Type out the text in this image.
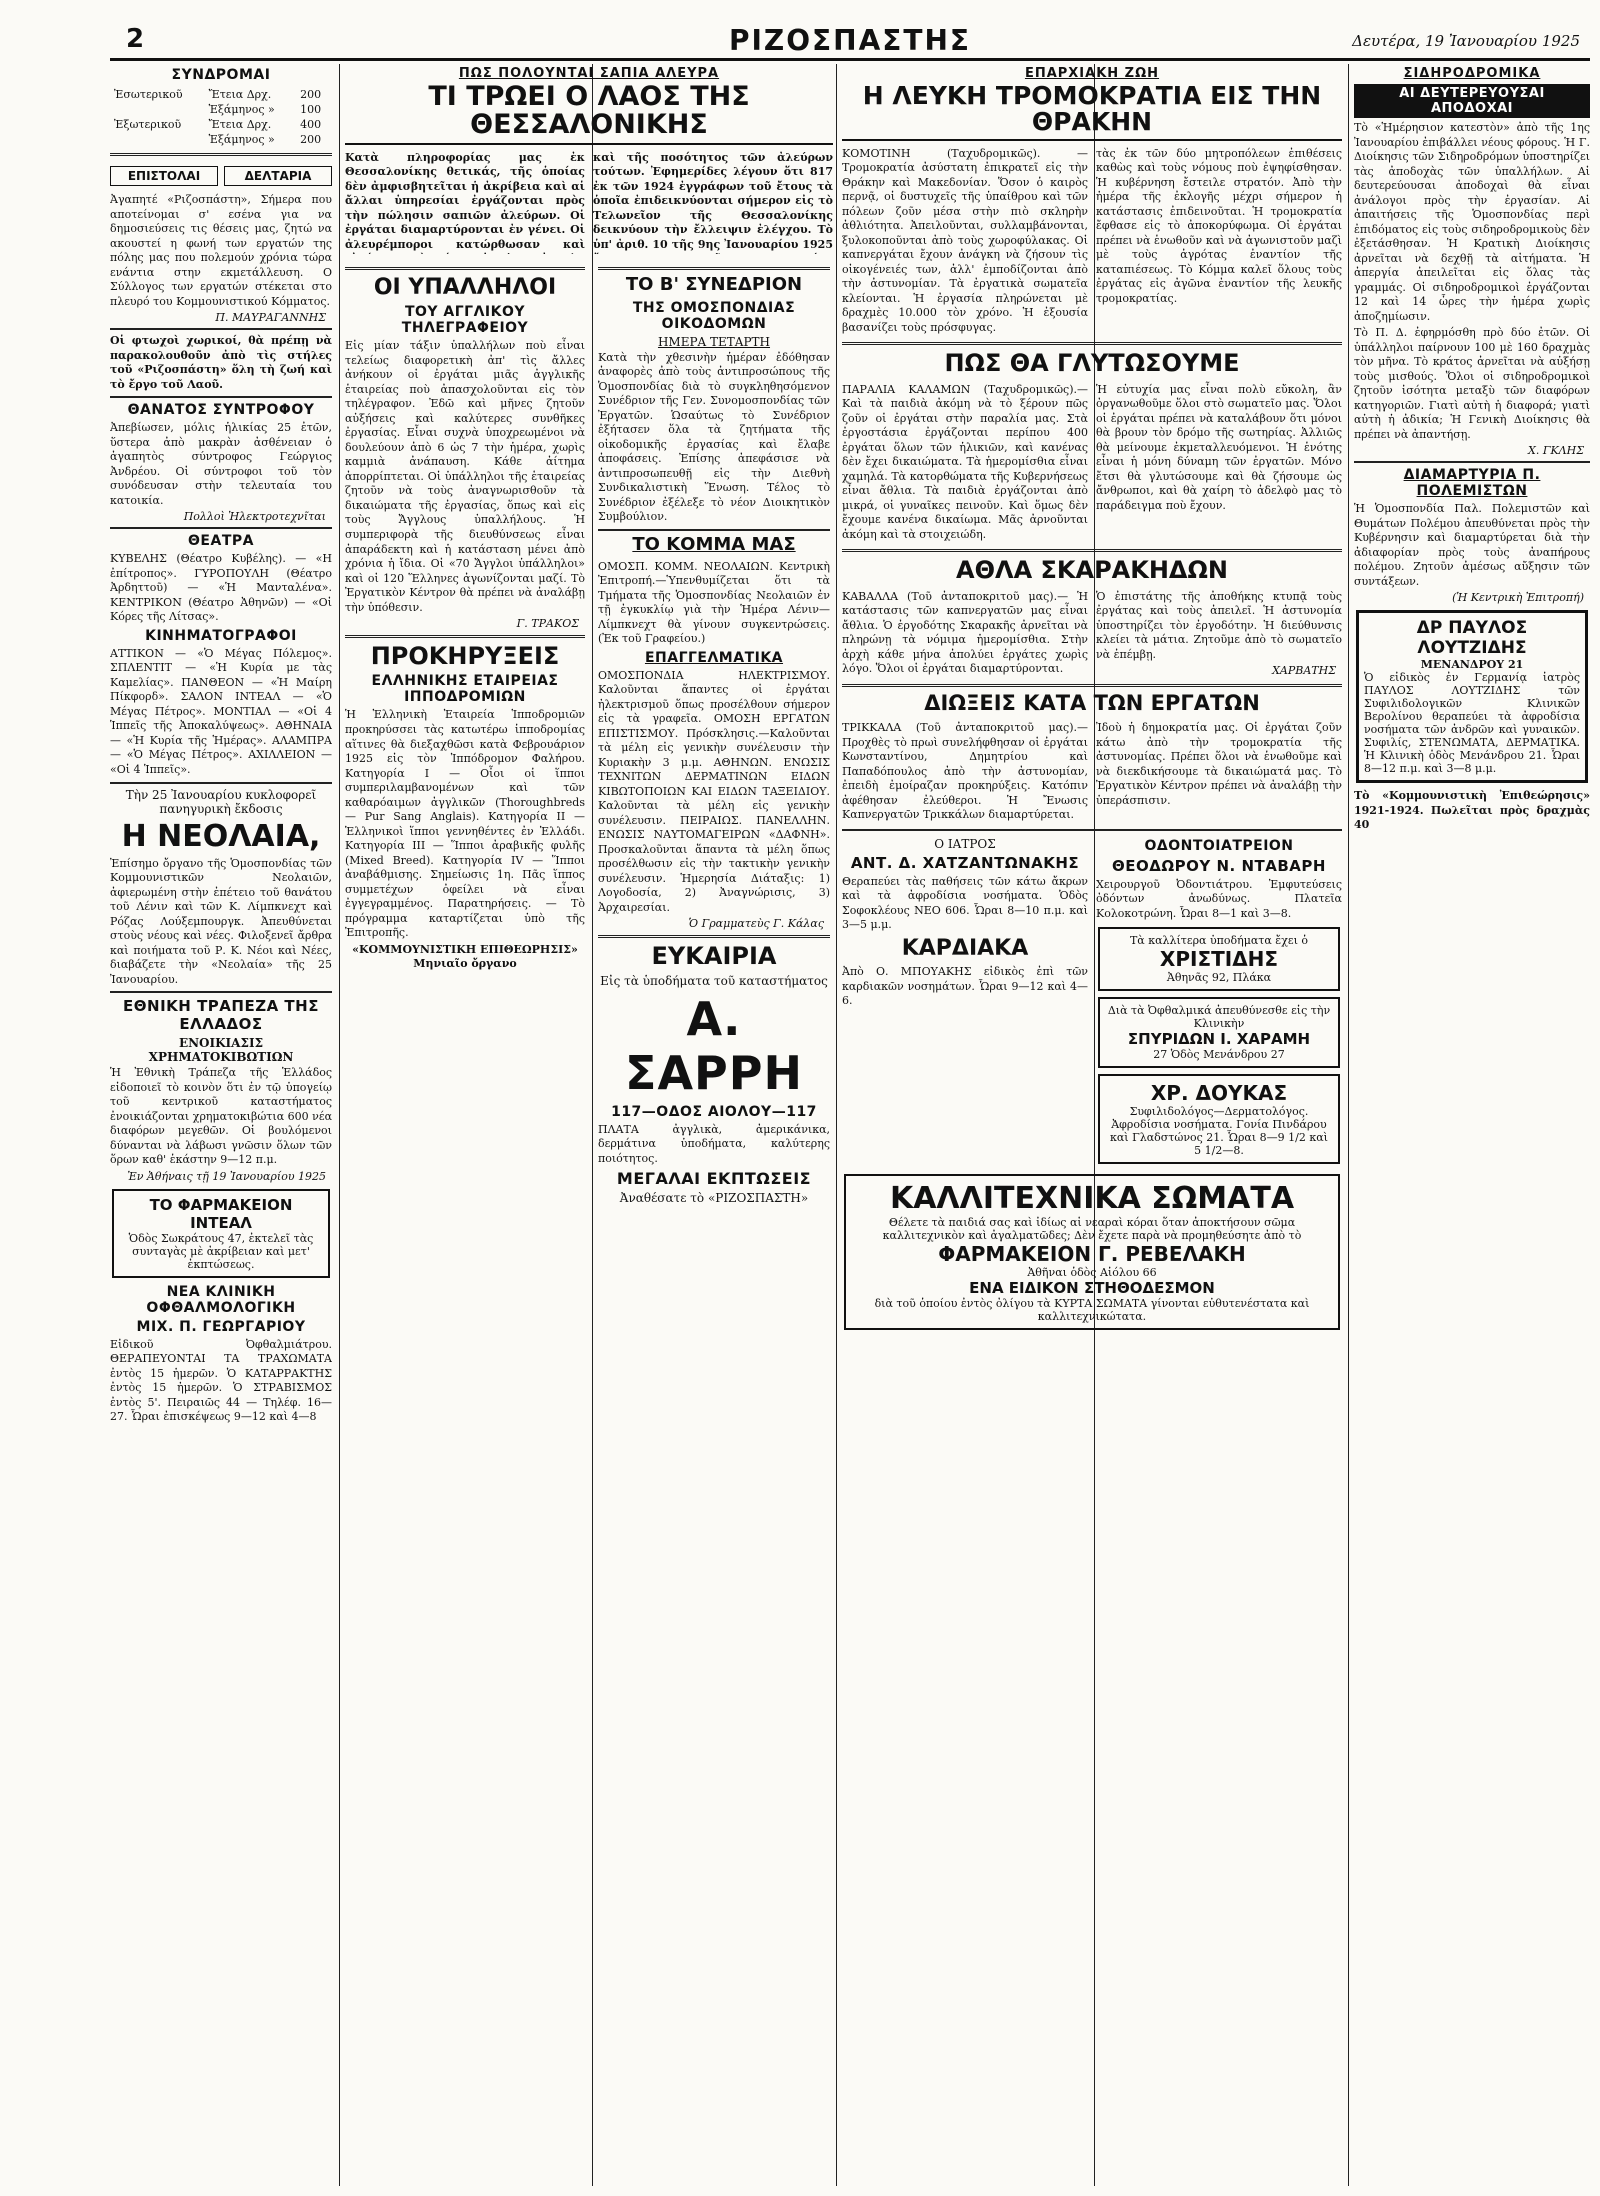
2	ΡΙΖΟΣΠΑΣΤΗΣ	Δευτέρα, 19 Ἰανουαρίου 1925
ΣΥΝΔΡΟΜΑΙ
Ἐσωτερικοῦ	Ἔτεια Δρχ.	200
	Ἑξάμηνος »	100
Ἐξωτερικοῦ	Ἔτεια Δρχ.	400
	Ἑξάμηνος »	200
ΕΠΙΣΤΟΛΑΙ	ΔΕΛΤΑΡΙΑ
Ἀγαπητέ «Ριζοσπάστη», Σήμερα που αποτείνομαι σ' εσένα για να δημοσιεύσεις τις θέσεις μας, ζητώ να ακουστεί η φωνή των εργατών της πόλης μας που πολεμούν χρόνια τώρα ενάντια στην εκμετάλλευση. Ο Σύλλογος των εργατών στέκεται στο πλευρό του Κομμουνιστικού Κόμματος.
Π. ΜΑΥΡΑΓΑΝΝΗΣ
Οἱ φτωχοὶ χωρικοί, θὰ πρέπῃ νὰ παρακολουθοῦν ἀπὸ τὶς στήλες τοῦ «Ριζοσπάστη» ὅλη τὴ ζωή καὶ τὸ ἔργο τοῦ Λαοῦ.
ΘΑΝΑΤΟΣ ΣΥΝΤΡΟΦΟΥ
Ἀπεβίωσεν, μόλις ἡλικίας 25 ἐτῶν, ὕστερα ἀπὸ μακρὰν ἀσθένειαν ὁ ἀγαπητὸς σύντροφος Γεώργιος Ἀνδρέου. Οἱ σύντροφοι τοῦ τὸν συνόδευσαν στὴν τελευταία του κατοικία.
Πολλοὶ Ἠλεκτροτεχνῖται
ΘΕΑΤΡΑ
ΚΥΒΕΛΗΣ (Θέατρο Κυβέλης). — «Η ἐπίτροπος». ΓΥΡΟΠΟΥΛΗ (Θέατρο Ἀρδηττοῦ) — «Ἡ Μανταλένα». ΚΕΝΤΡΙΚΟΝ (Θέατρο Ἀθηνῶν) — «Οἱ Κόρες τῆς Λίτσας».
ΚΙΝΗΜΑΤΟΓΡΑΦΟΙ
ΑΤΤΙΚΟΝ — «Ὁ Μέγας Πόλεμος». ΣΠΛΕΝΤΙΤ — «Ἡ Κυρία με τὰς Καμελίας». ΠΑΝΘΕΟΝ — «Ἡ Μαίρη Πίκφορδ». ΣΑΛΟΝ ΙΝΤΕΑΛ — «Ὁ Μέγας Πέτρος». ΜΟΝΤΙΑΛ — «Οἱ 4 Ἱππεῖς τῆς Ἀποκαλύψεως». ΑΘΗΝΑΙΑ — «Ἡ Κυρία τῆς Ἡμέρας». ΑΛΑΜΠΡΑ — «Ὁ Μέγας Πέτρος». ΑΧΙΛΛΕΙΟΝ — «Οἱ 4 Ἱππεῖς».
Τὴν 25 Ἰανουαρίου κυκλοφορεῖ πανηγυρικὴ ἔκδοσις
Η ΝΕΟΛΑΙΑ,
Ἐπίσημο ὄργανο τῆς Ὁμοσπονδίας τῶν Κομμουνιστικῶν Νεολαιῶν, ἀφιερωμένη στὴν ἐπέτειο τοῦ θανάτου τοῦ Λένιν καὶ τῶν Κ. Λίμπκνεχτ καὶ Ρόζας Λούξεμπουργκ. Ἀπευθύνεται στοὺς νέους καὶ νέες. Φιλοξενεῖ ἄρθρα καὶ ποιήματα τοῦ Ρ. Κ. Νέοι καὶ Νέες, διαβάζετε τὴν «Νεολαία» τῆς 25 Ἰανουαρίου.
ΕΘΝΙΚΗ ΤΡΑΠΕΖΑ ΤΗΣ ΕΛΛΑΔΟΣ
ΕΝΟΙΚΙΑΣΙΣ ΧΡΗΜΑΤΟΚΙΒΩΤΙΩΝ
Ἡ Ἐθνικὴ Τράπεζα τῆς Ἑλλάδος εἰδοποιεῖ τὸ κοινὸν ὅτι ἐν τῷ ὑπογείῳ τοῦ κεντρικοῦ καταστήματος ἐνοικιάζονται χρηματοκιβώτια 600 νέα διαφόρων μεγεθῶν. Οἱ βουλόμενοι δύνανται νὰ λάβωσι γνῶσιν ὅλων τῶν ὅρων καθ' ἑκάστην 9—12 π.μ.
Ἐν Ἀθήναις τῇ 19 Ἰανουαρίου 1925
ΤΟ ΦΑΡΜΑΚΕΙΟΝ ΙΝΤΕΑΛ
Ὁδὸς Σωκράτους 47, ἐκτελεῖ τὰς συνταγὰς μὲ ἀκρίβειαν καὶ μετ' ἐκπτώσεως.
ΝΕΑ ΚΛΙΝΙΚΗ ΟΦΘΑΛΜΟΛΟΓΙΚΗ
ΜΙΧ. Π. ΓΕΩΡΓΑΡΙΟΥ
Εἰδικοῦ Ὀφθαλμιάτρου. ΘΕΡΑΠΕΥΟΝΤΑΙ ΤΑ ΤΡΑΧΩΜΑΤΑ ἐντὸς 15 ἡμερῶν. Ὁ ΚΑΤΑΡΡΑΚΤΗΣ ἐντὸς 15 ἡμερῶν. Ὁ ΣΤΡΑΒΙΣΜΟΣ ἐντὸς 5'. Πειραιῶς 44 — Τηλέφ. 16—27. Ὧραι ἐπισκέψεως 9—12 καὶ 4—8
ΠΩΣ ΠΟΛΟΥΝΤΑΙ ΣΑΠΙΑ ΑΛΕΥΡΑ
ΤΙ ΤΡΩΕΙ Ο ΛΑΟΣ ΤΗΣ ΘΕΣΣΑΛΟΝΙΚΗΣ
Κατὰ πληροφορίας μας ἐκ Θεσσαλονίκης θετικάς, τῆς ὁποίας δὲν ἀμφισβητεῖται ἡ ἀκρίβεια καὶ αἱ ἄλλαι ὑπηρεσίαι ἐργάζονται πρὸς τὴν πώλησιν σαπιῶν ἀλεύρων. Οἱ ἐργάται διαμαρτύρονται ἐν γένει. Οἱ ἀλευρέμποροι κατώρθωσαν καὶ
καὶ τῆς ποσότητος τῶν ἀλεύρων τούτων. Ἐφημερίδες λέγουν ὅτι 817 ἐκ τῶν 1924 ἐγγράφων τοῦ ἔτους τὰ ὁποῖα ἐπιδεικνύονται σήμερον εἰς τὸ Τελωνεῖον τῆς Θεσσαλονίκης δεικνύουν τὴν ἔλλειψιν ἐλέγχου. Τὸ ὑπ' ἀριθ. 10 τῆς 9ης Ἰανουαρίου 1925
ΟΙ ΥΠΑΛΛΗΛΟΙ
ΤΟΥ ΑΓΓΛΙΚΟΥ ΤΗΛΕΓΡΑΦΕΙΟΥ
Εἰς μίαν τάξιν ὑπαλλήλων ποὺ εἶναι τελείως διαφορετικὴ ἀπ' τὶς ἄλλες ἀνήκουν οἱ ἐργάται μιᾶς ἀγγλικῆς ἑταιρείας ποὺ ἀπασχολοῦνται εἰς τὸν τηλέγραφον. Ἐδῶ καὶ μῆνες ζητοῦν αὐξήσεις καὶ καλύτερες συνθῆκες ἐργασίας. Εἶναι συχνὰ ὑποχρεωμένοι νὰ δουλεύουν ἀπὸ 6 ὡς 7 τὴν ἡμέρα, χωρὶς καμμιὰ ἀνάπαυση. Κάθε ἀίτημα ἀπορρίπτεται. Οἱ ὑπάλληλοι τῆς ἑταιρείας ζητοῦν νὰ τοὺς ἀναγνωρισθοῦν τὰ δικαιώματα τῆς ἐργασίας, ὅπως καὶ εἰς τοὺς Ἄγγλους ὑπαλλήλους. Ἡ συμπεριφορὰ τῆς διευθύνσεως εἶναι ἀπαράδεκτη καὶ ἡ κατάσταση μένει ἀπὸ χρόνια ἡ ἴδια. Οἱ «70 Ἄγγλοι ὑπάλληλοι» καὶ οἱ 120 Ἕλληνες ἀγωνίζονται μαζί. Τὸ Ἐργατικὸν Κέντρον θὰ πρέπει νὰ ἀναλάβῃ τὴν ὑπόθεσιν.
Γ. ΤΡΑΚΟΣ
ΠΡΟΚΗΡΥΞΕΙΣ
ΕΛΛΗΝΙΚΗΣ ΕΤΑΙΡΕΙΑΣ ΙΠΠΟΔΡΟΜΙΩΝ
Ἡ Ἑλληνικὴ Ἑταιρεία Ἱπποδρομιῶν προκηρύσσει τὰς κατωτέρω ἱπποδρομίας αἵτινες θὰ διεξαχθῶσι κατὰ Φεβρουάριον 1925 εἰς τὸν Ἱππόδρομον Φαλήρου. Κατηγορία Ι — Οἶοι οἱ ἵπποι συμπεριλαμβανομένων καὶ τῶν καθαρόαιμων ἀγγλικῶν (Thoroughbreds — Pur Sang Anglais). Κατηγορία ΙΙ — Ἑλληνικοὶ ἵπποι γεννηθέντες ἐν Ἑλλάδι. Κατηγορία ΙΙΙ — Ἵπποι ἀραβικῆς φυλῆς (Mixed Breed). Κατηγορία IV — Ἵπποι ἀναβάθμισης. Σημείωσις 1η. Πᾶς ἵππος συμμετέχων ὀφείλει νὰ εἶναι ἐγγεγραμμένος. Παρατηρήσεις. — Τὸ πρόγραμμα καταρτίζεται ὑπὸ τῆς Ἐπιτροπῆς.
«ΚΟΜΜΟΥΝΙΣΤΙΚΗ ΕΠΙΘΕΩΡΗΣΙΣ» Μηνιαῖο ὄργανο
ΤΟ Β' ΣΥΝΕΔΡΙΟΝ
ΤΗΣ ΟΜΟΣΠΟΝΔΙΑΣ ΟΙΚΟΔΟΜΩΝ
ΗΜΕΡΑ ΤΕΤΑΡΤΗ
Κατὰ τὴν χθεσινὴν ἡμέραν ἐδόθησαν ἀναφορὲς ἀπὸ τοὺς ἀντιπροσώπους τῆς Ὁμοσπονδίας διὰ τὸ συγκληθησόμενον Συνέδριον τῆς Γεν. Συνομοσπονδίας τῶν Ἐργατῶν. Ὡσαύτως τὸ Συνέδριον ἐξήτασεν ὅλα τὰ ζητήματα τῆς οἰκοδομικῆς ἐργασίας καὶ ἔλαβε ἀποφάσεις. Ἐπίσης ἀπεφάσισε νὰ ἀντιπροσωπευθῇ εἰς τὴν Διεθνὴ Συνδικαλιστικὴ Ἕνωση. Τέλος τὸ Συνέδριον ἐξέλεξε τὸ νέον Διοικητικὸν Συμβούλιον.
ΤΟ ΚΟΜΜΑ ΜΑΣ
ΟΜΟΣΠ. ΚΟΜΜ. ΝΕΟΛΑΙΩΝ. Κεντρικὴ Ἐπιτροπή.—Ὑπενθυμίζεται ὅτι τὰ Τμήματα τῆς Ὁμοσπονδίας Νεολαιῶν ἐν τῇ ἐγκυκλίῳ γιὰ τὴν Ἡμέρα Λένιν—Λίμπκνεχτ θὰ γίνουν συγκεντρώσεις. (Ἐκ τοῦ Γραφείου.)
ΕΠΑΓΓΕΛΜΑΤΙΚΑ
ΟΜΟΣΠΟΝΔΙΑ ΗΛΕΚΤΡΙΣΜΟΥ. Καλοῦνται ἅπαντες οἱ ἐργάται ἠλεκτρισμοῦ ὅπως προσέλθουν σήμερον εἰς τὰ γραφεῖα. ΟΜΟΣΗ ΕΡΓΑΤΩΝ ΕΠΙΣΤΙΣΜΟΥ. Πρόσκλησις.—Καλοῦνται τὰ μέλη εἰς γενικὴν συνέλευσιν τὴν Κυριακὴν 3 μ.μ. ΑΘΗΝΩΝ. ΕΝΩΣΙΣ ΤΕΧΝΙΤΩΝ ΔΕΡΜΑΤΙΝΩΝ ΕΙΔΩΝ ΚΙΒΩΤΟΠΟΙΩΝ ΚΑΙ ΕΙΔΩΝ ΤΑΞΕΙΔΙΟΥ. Καλοῦνται τὰ μέλη εἰς γενικὴν συνέλευσιν. ΠΕΙΡΑΙΩΣ. ΠΑΝΕΛΛΗΝ. ΕΝΩΣΙΣ ΝΑΥΤΟΜΑΓΕΙΡΩΝ «ΔΑΦΝΗ». Προσκαλοῦνται ἅπαντα τὰ μέλη ὅπως προσέλθωσιν εἰς τὴν τακτικὴν γενικὴν συνέλευσιν. Ἡμερησία Διάταξις: 1) Λογοδοσία, 2) Ἀναγνώρισις, 3) Ἀρχαιρεσίαι.
Ὁ Γραμματεὺς Γ. Κάλας
ΕΥΚΑΙΡΙΑ
Εἰς τὰ ὑποδήματα τοῦ καταστήματος
Α. ΣΑΡΡΗ
117—ΟΔΟΣ ΑΙΟΛΟΥ—117
ΠΛΑΤΑ ἀγγλικὰ, ἀμερικάνικα, δερμάτινα ὑποδήματα, καλύτερης ποιότητος.
ΜΕΓΑΛΑΙ ΕΚΠΤΩΣΕΙΣ
Ἀναθέσατε τὸ «ΡΙΖΟΣΠΑΣΤΗ»
ΕΠΑΡΧΙΑΚΗ ΖΩΗ
Η ΛΕΥΚΗ ΤΡΟΜΟΚΡΑΤΙΑ ΕΙΣ ΤΗΝ ΘΡΑΚΗΝ
ΚΟΜΟΤΙΝΗ (Ταχυδρομικῶς). — Τρομοκρατία ἀσύστατη ἐπικρατεῖ εἰς τὴν Θράκην καὶ Μακεδονίαν. Ὅσον ὁ καιρὸς περνᾷ, οἱ δυστυχεῖς τῆς ὑπαίθρου καὶ τῶν πόλεων ζοῦν μέσα στὴν πιὸ σκληρὴν ἀθλιότητα. Ἀπειλοῦνται, συλλαμβάνονται, ξυλοκοποῦνται ἀπὸ τοὺς χωροφύλακας. Οἱ καπνεργάται ἔχουν ἀνάγκη νὰ ζήσουν τὶς οἰκογένειές των, ἀλλ' ἐμποδίζονται ἀπὸ τὴν ἀστυνομίαν. Τὰ ἐργατικὰ σωματεῖα κλείονται. Ἡ ἐργασία πληρώνεται μὲ δραχμὲς 10.000 τὸν χρόνο. Ἡ ἐξουσία βασανίζει τοὺς πρόσφυγας.
τὰς ἐκ τῶν δύο μητροπόλεων ἐπιθέσεις καθὼς καὶ τοὺς νόμους ποὺ ἐψηφίσθησαν. Ἡ κυβέρνηση ἔστειλε στρατόν. Ἀπὸ τὴν ἡμέρα τῆς ἐκλογῆς μέχρι σήμερον ἡ κατάστασις ἐπιδεινοῦται. Ἡ τρομοκρατία ἔφθασε εἰς τὸ ἀποκορύφωμα. Οἱ ἐργάται πρέπει νὰ ἑνωθοῦν καὶ νὰ ἀγωνιστοῦν μαζὶ μὲ τοὺς ἀγρότας ἐναντίον τῆς καταπιέσεως. Τὸ Κόμμα καλεῖ ὅλους τοὺς ἐργάτας εἰς ἀγῶνα ἐναντίον τῆς λευκῆς τρομοκρατίας.
ΠΩΣ ΘΑ ΓΛΥΤΩΣΟΥΜΕ
ΠΑΡΑΛΙΑ ΚΑΛΑΜΩΝ (Ταχυδρομικῶς).—Καὶ τὰ παιδιὰ ἀκόμη νὰ τὸ ξέρουν πῶς ζοῦν οἱ ἐργάται στὴν παραλία μας. Στὰ ἐργοστάσια ἐργάζονται περίπου 400 ἐργάται ὅλων τῶν ἡλικιῶν, καὶ κανένας δὲν ἔχει δικαιώματα. Τὰ ἡμερομίσθια εἶναι χαμηλά. Τὰ κατορθώματα τῆς Κυβερνήσεως εἶναι ἄθλια. Τὰ παιδιὰ ἐργάζονται ἀπὸ μικρά, οἱ γυναῖκες πεινοῦν. Καὶ ὅμως δὲν ἔχουμε κανένα δικαίωμα. Μᾶς ἀρνοῦνται ἀκόμη καὶ τὰ στοιχειώδη.
Ἡ εὐτυχία μας εἶναι πολὺ εὔκολη, ἂν ὀργανωθοῦμε ὅλοι στὸ σωματεῖο μας. Ὅλοι οἱ ἐργάται πρέπει νὰ καταλάβουν ὅτι μόνοι θὰ βρουν τὸν δρόμο τῆς σωτηρίας. Ἀλλιῶς θὰ μείνουμε ἐκμεταλλευόμενοι. Ἡ ἑνότης εἶναι ἡ μόνη δύναμη τῶν ἐργατῶν. Μόνο ἔτσι θὰ γλυτώσουμε καὶ θὰ ζήσουμε ὡς ἄνθρωποι, καὶ θὰ χαίρη τὸ ἀδελφὸ μας τὸ παράδειγμα ποὺ ἔχουν.
ΑΘΛΑ ΣΚΑΡΑΚΗΔΩΝ
ΚΑΒΑΛΛΑ (Τοῦ ἀνταποκριτοῦ μας).— Ἡ κατάστασις τῶν καπνεργατῶν μας εἶναι ἄθλια. Ὁ ἐργοδότης Σκαρακῆς ἀρνεῖται νὰ πληρώνῃ τὰ νόμιμα ἡμερομίσθια. Στὴν ἀρχὴ κάθε μήνα ἀπολύει ἐργάτες χωρὶς λόγο. Ὅλοι οἱ ἐργάται διαμαρτύρονται.
Ὁ ἐπιστάτης τῆς ἀποθήκης κτυπᾷ τοὺς ἐργάτας καὶ τοὺς ἀπειλεῖ. Ἡ ἀστυνομία ὑποστηρίζει τὸν ἐργοδότην. Ἡ διεύθυνσις κλείει τὰ μάτια. Ζητοῦμε ἀπὸ τὸ σωματεῖο νὰ ἐπέμβῃ.
ΧΑΡΒΑΤΗΣ
ΔΙΩΞΕΙΣ ΚΑΤΑ ΤΩΝ ΕΡΓΑΤΩΝ
ΤΡΙΚΚΑΛΑ (Τοῦ ἀνταποκριτοῦ μας).—Προχθὲς τὸ πρωὶ συνελήφθησαν οἱ ἐργάται Κωνσταντίνου, Δημητρίου καὶ Παπαδόπουλος ἀπὸ τὴν ἀστυνομίαν, ἐπειδὴ ἐμοίραζαν προκηρύξεις. Κατόπιν ἀφέθησαν ἐλεύθεροι. Ἡ Ἔνωσις Καπνεργατῶν Τρικκάλων διαμαρτύρεται.
Ἰδοὺ ἡ δημοκρατία μας. Οἱ ἐργάται ζοῦν κάτω ἀπὸ τὴν τρομοκρατία τῆς ἀστυνομίας. Πρέπει ὅλοι νὰ ἑνωθοῦμε καὶ νὰ διεκδικήσουμε τὰ δικαιώματά μας. Τὸ Ἐργατικὸν Κέντρον πρέπει νὰ ἀναλάβῃ τὴν ὑπεράσπισιν.
Ο ΙΑΤΡΟΣ
ΑΝΤ. Δ. ΧΑΤΖΑΝΤΩΝΑΚΗΣ
Θεραπεύει τὰς παθήσεις τῶν κάτω ἄκρων καὶ τὰ ἀφροδίσια νοσήματα. Ὁδὸς Σοφοκλέους ΝΕΟ 606. Ὧραι 8—10 π.μ. καὶ 3—5 μ.μ.
ΚΑΡΔΙΑΚΑ
Ἀπὸ Ο. ΜΠΟΥΑΚΗΣ εἰδικὸς ἐπὶ τῶν καρδιακῶν νοσημάτων. Ὧραι 9—12 καὶ 4—6.
ΟΔΟΝΤΟΙΑΤΡΕΙΟΝ
ΘΕΟΔΩΡΟΥ Ν. ΝΤΑΒΑΡΗ
Χειρουργοῦ Ὀδοντιάτρου. Ἐμφυτεύσεις ὀδόντων ἀνωδύνως. Πλατεῖα Κολοκοτρώνη. Ὧραι 8—1 καὶ 3—8.
Τὰ καλλίτερα ὑποδήματα ἔχει ὁ
ΧΡΙΣΤΙΔΗΣ
Ἀθηνᾶς 92, Πλάκα
Διὰ τὰ Ὀφθαλμικά ἀπευθύνεσθε εἰς τὴν Κλινικὴν
ΣΠΥΡΙΔΩΝ Ι. ΧΑΡΑΜΗ
27 Ὁδὸς Μενάνδρου 27
ΧΡ. ΔΟΥΚΑΣ
Συφιλιδολόγος—Δερματολόγος. Ἀφροδίσια νοσήματα. Γονία Πινδάρου καὶ Γλαδστώνος 21. Ὧραι 8—9 1/2 καὶ 5 1/2—8.
ΚΑΛΛΙΤΕΧΝΙΚΑ ΣΩΜΑΤΑ
Θέλετε τὰ παιδιά σας καὶ ἰδίως αἱ νεαραὶ κόραι ὅταν ἀποκτήσουν σῶμα καλλιτεχνικὸν καὶ ἀγαλματῶδες; Δὲν ἔχετε παρὰ νὰ προμηθεύσητε ἀπὸ τὸ
ΦΑΡΜΑΚΕΙΟΝ Γ. ΡΕΒΕΛΑΚΗ
Ἀθῆναι ὁδὸς Αἰόλου 66
ΕΝΑ ΕΙΔΙΚΟΝ ΣΤΗΘΟΔΕΣΜΟΝ
διὰ τοῦ ὁποίου ἐντὸς ὀλίγου τὰ ΚΥΡΤΑ ΣΩΜΑΤΑ γίνονται εὐθυτενέστατα καὶ καλλιτεχνικώτατα.
ΣΙΔΗΡΟΔΡΟΜΙΚΑ
ΑΙ ΔΕΥΤΕΡΕΥΟΥΣΑΙ ΑΠΟΔΟΧΑΙ
Τὸ «Ἡμέρησιον κατεστὸν» ἀπὸ τῆς 1ης Ἰανουαρίου ἐπιβάλλει νέους φόρους. Ἡ Γ. Διοίκησις τῶν Σιδηροδρόμων ὑποστηρίζει τὰς ἀποδοχὰς τῶν ὑπαλλήλων. Αἱ δευτερεύουσαι ἀποδοχαὶ θὰ εἶναι ἀνάλογοι πρὸς τὴν ἐργασίαν. Αἱ ἀπαιτήσεις τῆς Ὁμοσπονδίας περὶ ἐπιδόματος εἰς τοὺς σιδηροδρομικοὺς δὲν ἐξετάσθησαν. Ἡ Κρατικὴ Διοίκησις ἀρνεῖται νὰ δεχθῇ τὰ αἰτήματα. Ἡ ἀπεργία ἀπειλεῖται εἰς ὅλας τὰς γραμμάς. Οἱ σιδηροδρομικοὶ ἐργάζονται 12 καὶ 14 ὧρες τὴν ἡμέρα χωρὶς ἀποζημίωσιν.
Τὸ Π. Δ. ἐφηρμόσθη πρὸ δύο ἐτῶν. Οἱ ὑπάλληλοι παίρνουν 100 μὲ 160 δραχμὰς τὸν μῆνα. Τὸ κράτος ἀρνεῖται νὰ αὐξήσῃ τοὺς μισθούς. Ὅλοι οἱ σιδηροδρομικοὶ ζητοῦν ἰσότητα μεταξὺ τῶν διαφόρων κατηγοριῶν. Γιατὶ αὐτὴ ἡ διαφορά; γιατὶ αὐτὴ ἡ ἀδικία; Ἡ Γενικὴ Διοίκησις θὰ πρέπει νὰ ἀπαντήσῃ.
Χ. ΓΚΛΗΣ
ΔΙΑΜΑΡΤΥΡΙΑ Π. ΠΟΛΕΜΙΣΤΩΝ
Ἡ Ὁμοσπονδία Παλ. Πολεμιστῶν καὶ Θυμάτων Πολέμου ἀπευθύνεται πρὸς τὴν Κυβέρνησιν καὶ διαμαρτύρεται διὰ τὴν ἀδιαφορίαν πρὸς τοὺς ἀναπήρους πολέμου. Ζητοῦν ἀμέσως αὔξησιν τῶν συντάξεων.
(Ἡ Κεντρικὴ Ἐπιτροπή)
ΔΡ ΠΑΥΛΟΣ ΛΟΥΤΖΙΔΗΣ
ΜΕΝΑΝΔΡΟΥ 21
Ὁ εἰδικὸς ἐν Γερμανίᾳ ἰατρὸς ΠΑΥΛΟΣ ΛΟΥΤΖΙΔΗΣ τῶν Συφιλιδολογικῶν Κλινικῶν Βερολίνου θεραπεύει τὰ ἀφροδίσια νοσήματα τῶν ἀνδρῶν καὶ γυναικῶν. Συφιλίς, ΣΤΕΝΩΜΑΤΑ, ΔΕΡΜΑΤΙΚΑ. Ἡ Κλινικὴ ὁδὸς Μενάνδρου 21. Ὧραι 8—12 π.μ. καὶ 3—8 μ.μ.
Τὸ «Κομμουνιστικὴ Ἐπιθεώρησις» 1921-1924. Πωλεῖται πρὸς δραχμὰς 40
